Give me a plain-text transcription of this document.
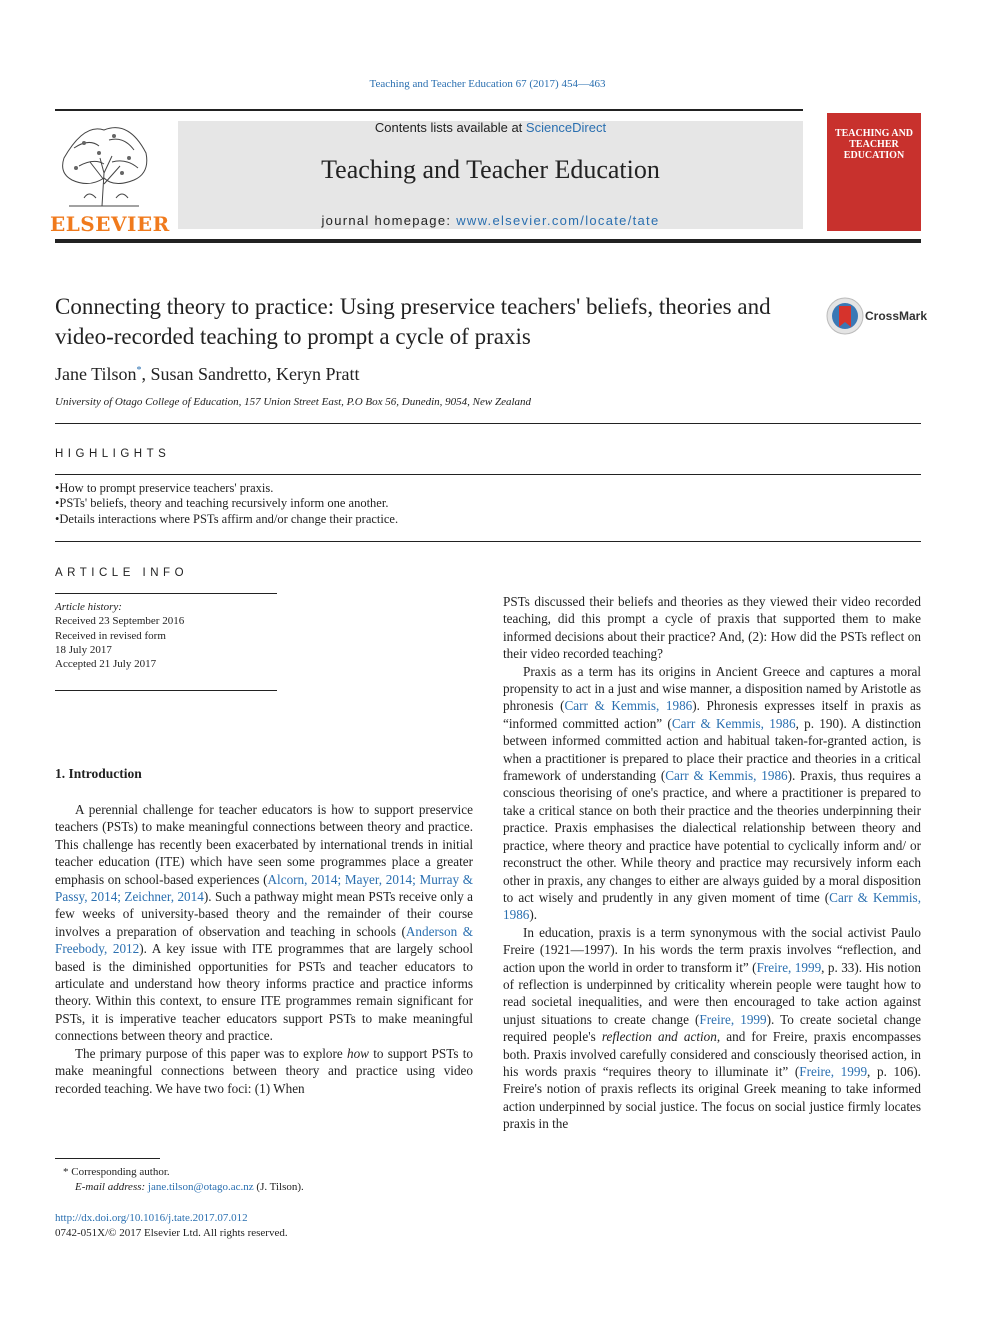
Teaching and Teacher Education 67 (2017) 454—463
ELSEVIER
Contents lists available at ScienceDirect
Teaching and Teacher Education
journal homepage: www.elsevier.com/locate/tate
TEACHING AND TEACHER EDUCATION
Connecting theory to practice: Using preservice teachers' beliefs, theories and video-recorded teaching to prompt a cycle of praxis
CrossMark
Jane Tilson*, Susan Sandretto, Keryn Pratt
University of Otago College of Education, 157 Union Street East, P.O Box 56, Dunedin, 9054, New Zealand
HIGHLIGHTS
•How to prompt preservice teachers' praxis.
•PSTs' beliefs, theory and teaching recursively inform one another.
•Details interactions where PSTs affirm and/or change their practice.
ARTICLE INFO
Article history:
Received 23 September 2016
Received in revised form
18 July 2017
Accepted 21 July 2017
1. Introduction

A perennial challenge for teacher educators is how to support preservice teachers (PSTs) to make meaningful connections between theory and practice. This challenge has recently been exacerbated by international trends in initial teacher education (ITE) which have seen some programmes place a greater emphasis on school-based experiences (Alcorn, 2014; Mayer, 2014; Murray & Passy, 2014; Zeichner, 2014). Such a pathway might mean PSTs receive only a few weeks of university-based theory and the remainder of their course involves a preparation of observation and teaching in schools (Anderson & Freebody, 2012). A key issue with ITE programmes that are largely school based is the diminished opportunities for PSTs and teacher educators to articulate and understand how theory informs practice and practice informs theory. Within this context, to ensure ITE programmes remain significant for PSTs, it is imperative teacher educators support PSTs to make meaningful connections between theory and practice.

The primary purpose of this paper was to explore how to support PSTs to make meaningful connections between theory and practice using video recorded teaching. We have two foci: (1) When

PSTs discussed their beliefs and theories as they viewed their video recorded teaching, did this prompt a cycle of praxis that supported them to make informed decisions about their practice? And, (2): How did the PSTs reflect on their video recorded teaching?

Praxis as a term has its origins in Ancient Greece and captures a moral propensity to act in a just and wise manner, a disposition named by Aristotle as phronesis (Carr & Kemmis, 1986). Phronesis expresses itself in praxis as “informed committed action” (Carr & Kemmis, 1986, p. 190). A distinction between informed committed action and habitual taken-for-granted action, is when a practitioner is prepared to place their practice and theories in a critical framework of understanding (Carr & Kemmis, 1986). Praxis, thus requires a conscious theorising of one's practice, and where a practitioner is prepared to take a critical stance on both their practice and the theories underpinning their practice. Praxis emphasises the dialectical relationship between theory and practice, where theory and practice have potential to cyclically inform and/ or reconstruct the other. While theory and practice may recursively inform each other in praxis, any changes to either are always guided by a moral disposition to act wisely and prudently in any given moment of time (Carr & Kemmis, 1986).

In education, praxis is a term synonymous with the social activist Paulo Freire (1921—1997). In his words the term praxis involves “reflection, and action upon the world in order to transform it” (Freire, 1999, p. 33). His notion of reflection is underpinned by criticality wherein people were taught how to read societal inequalities, and were then encouraged to take action against unjust situations to create change (Freire, 1999). To create societal change required people's reflection and action, and for Freire, praxis encompasses both. Praxis involved carefully considered and consciously theorised action, in his words praxis “requires theory to illuminate it” (Freire, 1999, p. 106). Freire's notion of praxis reflects its original Greek meaning to take informed action underpinned by social justice. The focus on social justice firmly locates praxis in the

* Corresponding author.
E-mail address: jane.tilson@otago.ac.nz (J. Tilson).
http://dx.doi.org/10.1016/j.tate.2017.07.012
0742-051X/© 2017 Elsevier Ltd. All rights reserved.
